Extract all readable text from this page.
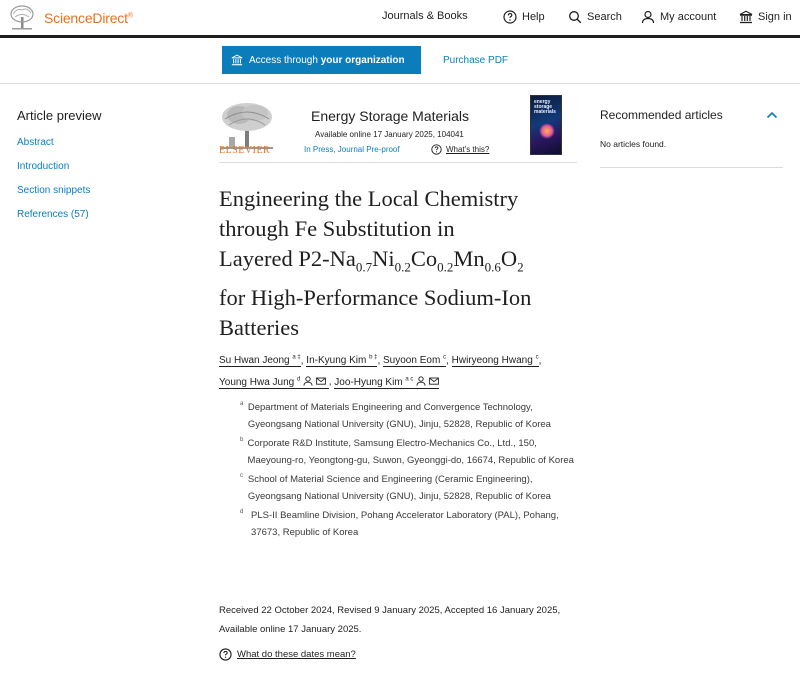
ScienceDirect®	Journals & Books	Help	Search	My account	Sign in
Access through your organization	Purchase PDF
Article preview
Abstract
Introduction
Section snippets
References (57)
ELSEVIER
Energy Storage Materials
Available online 17 January 2025, 104041
In Press, Journal Pre-proof	What's this?
energy storage materials
Engineering the Local Chemistry
through Fe Substitution in
Layered $P2-Na_{0.7}Ni_{0.2}Co_{0.2}Mn_{0.6}O_2$
for High-Performance Sodium-Ion
Batteries
Su Hwan Jeong $^{a \ddagger}$, In-Kyung Kim $^{b \ddagger}$, Suyoon Eom $^c$, Hwiryeong Hwang $^c$,
Young Hwa Jung $^d$	, Joo-Hyung Kim $^{a c}$
a Department of Materials Engineering and Convergence Technology, Gyeongsang National University (GNU), Jinju, 52828, Republic of Korea
b Corporate R&D Institute, Samsung Electro-Mechanics Co., Ltd., 150, Maeyoung-ro, Yeongtong-gu, Suwon, Gyeonggi-do, 16674, Republic of Korea
c School of Material Science and Engineering (Ceramic Engineering), Gyeongsang National University (GNU), Jinju, 52828, Republic of Korea
d PLS-II Beamline Division, Pohang Accelerator Laboratory (PAL), Pohang, 37673, Republic of Korea
Received 22 October 2024, Revised 9 January 2025, Accepted 16 January 2025, Available online 17 January 2025.
What do these dates mean?
Recommended articles

No articles found.
